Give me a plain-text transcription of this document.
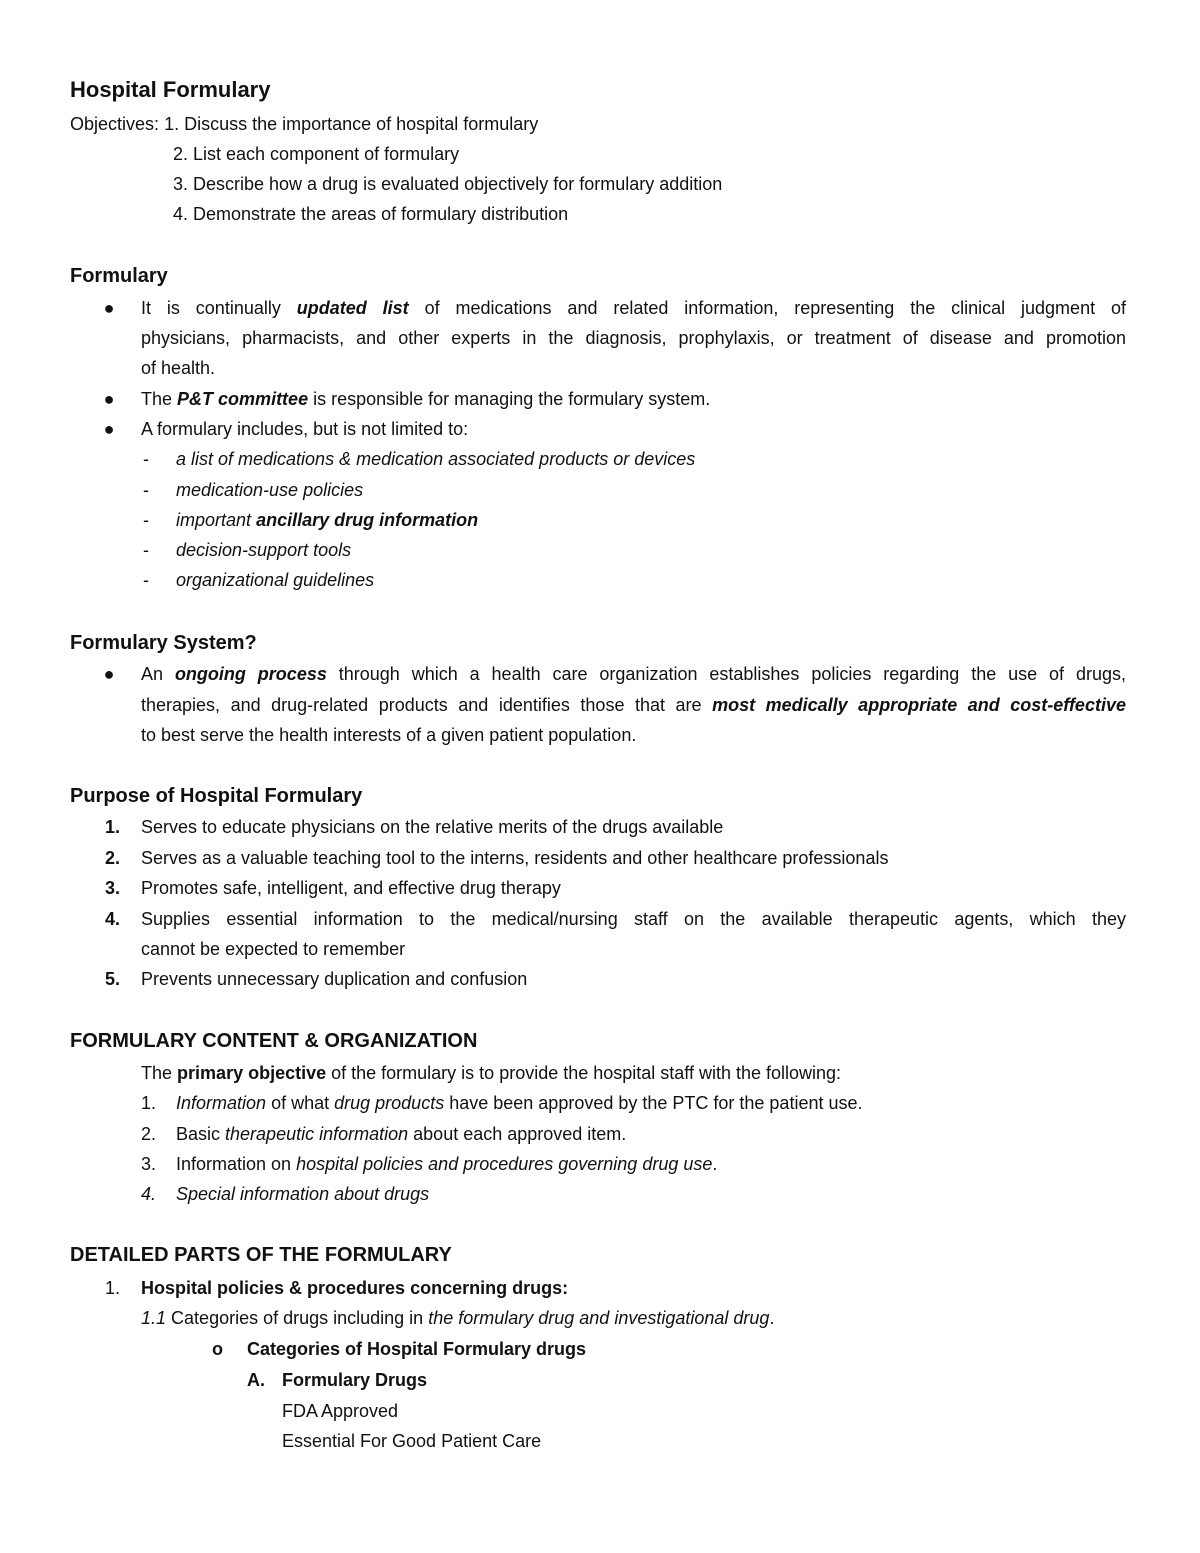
Hospital Formulary
Objectives: 1. Discuss the importance of hospital formulary
2. List each component of formulary
3. Describe how a drug is evaluated objectively for formulary addition
4. Demonstrate the areas of formulary distribution
Formulary
● It is continually updated list of medications and related information, representing the clinical judgment of
physicians, pharmacists, and other experts in the diagnosis, prophylaxis, or treatment of disease and promotion
of health.
● The P&T committee is responsible for managing the formulary system.
● A formulary includes, but is not limited to:
- a list of medications & medication associated products or devices
- medication-use policies
- important ancillary drug information
- decision-support tools
- organizational guidelines
Formulary System?
● An ongoing process through which a health care organization establishes policies regarding the use of drugs,
therapies, and drug-related products and identifies those that are most medically appropriate and cost-effective
to best serve the health interests of a given patient population.
Purpose of Hospital Formulary
1. Serves to educate physicians on the relative merits of the drugs available
2. Serves as a valuable teaching tool to the interns, residents and other healthcare professionals
3. Promotes safe, intelligent, and effective drug therapy
4. Supplies essential information to the medical/nursing staff on the available therapeutic agents, which they
cannot be expected to remember
5. Prevents unnecessary duplication and confusion
FORMULARY CONTENT & ORGANIZATION
The primary objective of the formulary is to provide the hospital staff with the following:
1. Information of what drug products have been approved by the PTC for the patient use.
2. Basic therapeutic information about each approved item.
3. Information on hospital policies and procedures governing drug use.
4. Special information about drugs
DETAILED PARTS OF THE FORMULARY
1. Hospital policies & procedures concerning drugs:
1.1 Categories of drugs including in the formulary drug and investigational drug.
o Categories of Hospital Formulary drugs
A. Formulary Drugs
FDA Approved
Essential For Good Patient Care
